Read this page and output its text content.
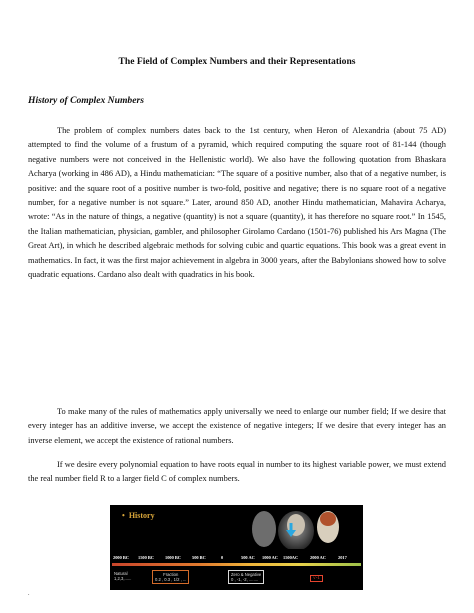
The Field of Complex Numbers and their Representations
History of Complex Numbers

The problem of complex numbers dates back to the 1st century, when Heron of Alexandria (about 75 AD) attempted to find the volume of a frustum of a pyramid, which required computing the square root of 81-144 (though negative numbers were not conceived in the Hellenistic world). We also have the following quotation from Bhaskara Acharya (working in 486 AD), a Hindu mathematician: “The square of a positive number, also that of a negative number, is positive: and the square root of a positive number is two-fold, positive and negative; there is no square root of a negative number, for a negative number is not square.” Later, around 850 AD, another Hindu mathematician, Mahavira Acharya, wrote: “As in the nature of things, a negative (quantity) is not a square (quantity), it has therefore no square root.” In 1545, the Italian mathematician, physician, gambler, and philosopher Girolamo Cardano (1501-76) published his Ars Magna (The Great Art), in which he described algebraic methods for solving cubic and quartic equations. This book was a great event in mathematics. In fact, it was the first major achievement in algebra in 3000 years, after the Babylonians showed how to solve quadratic equations. Cardano also dealt with quadratics in his book.

To make many of the rules of mathematics apply universally we need to enlarge our number field; If we desire that every integer has an additive inverse, we accept the existence of negative integers; If we desire that every integer has an inverse element, we accept the existence of rational numbers.

If we desire every polynomial equation to have roots equal in number to its highest variable power, we must extend the real number field R to a larger field C of complex numbers.

• History
2000 BC 1500 BC	1000 BC	500 BC	0	500 AC 1000 AC 1500AC	2000 AC	2017
Natural
1,2,3,......
Fraction
0.2 , 0.3 , 1/2 , ...
Zero & Negative
0 , -1, -2, ........	√-1
.
